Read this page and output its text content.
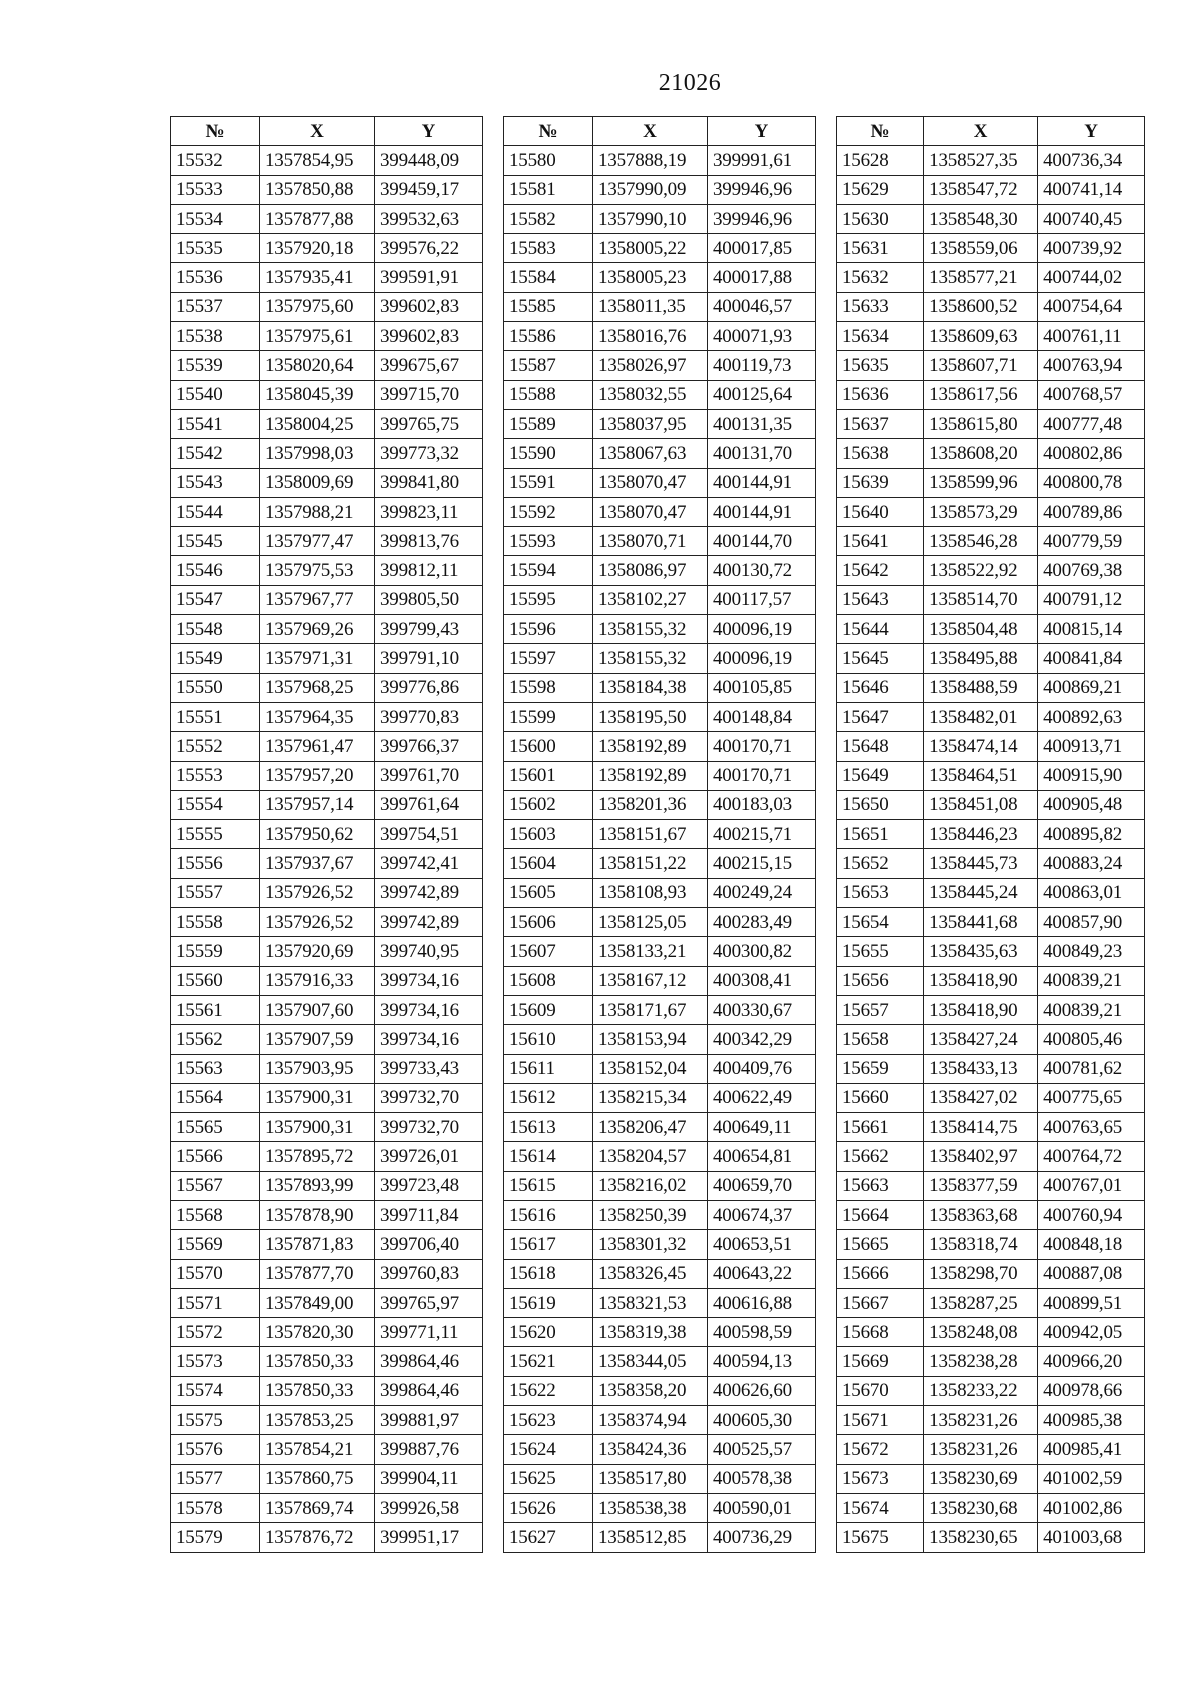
21026
№	X	Y
15532	1357854,95	399448,09
15533	1357850,88	399459,17
15534	1357877,88	399532,63
15535	1357920,18	399576,22
15536	1357935,41	399591,91
15537	1357975,60	399602,83
15538	1357975,61	399602,83
15539	1358020,64	399675,67
15540	1358045,39	399715,70
15541	1358004,25	399765,75
15542	1357998,03	399773,32
15543	1358009,69	399841,80
15544	1357988,21	399823,11
15545	1357977,47	399813,76
15546	1357975,53	399812,11
15547	1357967,77	399805,50
15548	1357969,26	399799,43
15549	1357971,31	399791,10
15550	1357968,25	399776,86
15551	1357964,35	399770,83
15552	1357961,47	399766,37
15553	1357957,20	399761,70
15554	1357957,14	399761,64
15555	1357950,62	399754,51
15556	1357937,67	399742,41
15557	1357926,52	399742,89
15558	1357926,52	399742,89
15559	1357920,69	399740,95
15560	1357916,33	399734,16
15561	1357907,60	399734,16
15562	1357907,59	399734,16
15563	1357903,95	399733,43
15564	1357900,31	399732,70
15565	1357900,31	399732,70
15566	1357895,72	399726,01
15567	1357893,99	399723,48
15568	1357878,90	399711,84
15569	1357871,83	399706,40
15570	1357877,70	399760,83
15571	1357849,00	399765,97
15572	1357820,30	399771,11
15573	1357850,33	399864,46
15574	1357850,33	399864,46
15575	1357853,25	399881,97
15576	1357854,21	399887,76
15577	1357860,75	399904,11
15578	1357869,74	399926,58
15579	1357876,72	399951,17
№	X	Y
15580	1357888,19	399991,61
15581	1357990,09	399946,96
15582	1357990,10	399946,96
15583	1358005,22	400017,85
15584	1358005,23	400017,88
15585	1358011,35	400046,57
15586	1358016,76	400071,93
15587	1358026,97	400119,73
15588	1358032,55	400125,64
15589	1358037,95	400131,35
15590	1358067,63	400131,70
15591	1358070,47	400144,91
15592	1358070,47	400144,91
15593	1358070,71	400144,70
15594	1358086,97	400130,72
15595	1358102,27	400117,57
15596	1358155,32	400096,19
15597	1358155,32	400096,19
15598	1358184,38	400105,85
15599	1358195,50	400148,84
15600	1358192,89	400170,71
15601	1358192,89	400170,71
15602	1358201,36	400183,03
15603	1358151,67	400215,71
15604	1358151,22	400215,15
15605	1358108,93	400249,24
15606	1358125,05	400283,49
15607	1358133,21	400300,82
15608	1358167,12	400308,41
15609	1358171,67	400330,67
15610	1358153,94	400342,29
15611	1358152,04	400409,76
15612	1358215,34	400622,49
15613	1358206,47	400649,11
15614	1358204,57	400654,81
15615	1358216,02	400659,70
15616	1358250,39	400674,37
15617	1358301,32	400653,51
15618	1358326,45	400643,22
15619	1358321,53	400616,88
15620	1358319,38	400598,59
15621	1358344,05	400594,13
15622	1358358,20	400626,60
15623	1358374,94	400605,30
15624	1358424,36	400525,57
15625	1358517,80	400578,38
15626	1358538,38	400590,01
15627	1358512,85	400736,29
№	X	Y
15628	1358527,35	400736,34
15629	1358547,72	400741,14
15630	1358548,30	400740,45
15631	1358559,06	400739,92
15632	1358577,21	400744,02
15633	1358600,52	400754,64
15634	1358609,63	400761,11
15635	1358607,71	400763,94
15636	1358617,56	400768,57
15637	1358615,80	400777,48
15638	1358608,20	400802,86
15639	1358599,96	400800,78
15640	1358573,29	400789,86
15641	1358546,28	400779,59
15642	1358522,92	400769,38
15643	1358514,70	400791,12
15644	1358504,48	400815,14
15645	1358495,88	400841,84
15646	1358488,59	400869,21
15647	1358482,01	400892,63
15648	1358474,14	400913,71
15649	1358464,51	400915,90
15650	1358451,08	400905,48
15651	1358446,23	400895,82
15652	1358445,73	400883,24
15653	1358445,24	400863,01
15654	1358441,68	400857,90
15655	1358435,63	400849,23
15656	1358418,90	400839,21
15657	1358418,90	400839,21
15658	1358427,24	400805,46
15659	1358433,13	400781,62
15660	1358427,02	400775,65
15661	1358414,75	400763,65
15662	1358402,97	400764,72
15663	1358377,59	400767,01
15664	1358363,68	400760,94
15665	1358318,74	400848,18
15666	1358298,70	400887,08
15667	1358287,25	400899,51
15668	1358248,08	400942,05
15669	1358238,28	400966,20
15670	1358233,22	400978,66
15671	1358231,26	400985,38
15672	1358231,26	400985,41
15673	1358230,69	401002,59
15674	1358230,68	401002,86
15675	1358230,65	401003,68
